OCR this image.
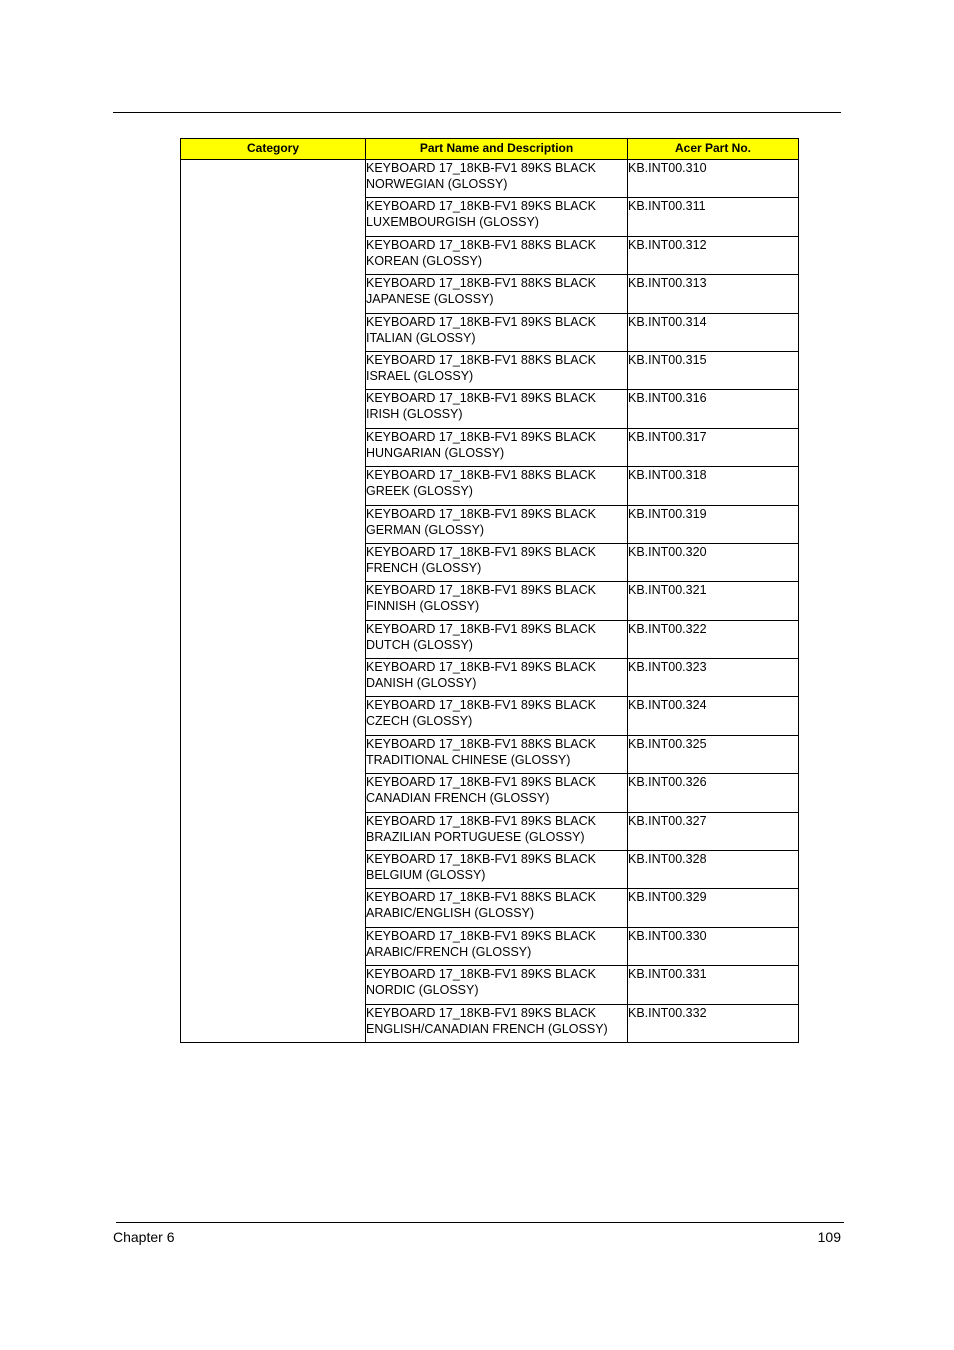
Category	Part Name and Description	Acer Part No.

	KEYBOARD 17_18KB-FV1 89KS BLACK
NORWEGIAN (GLOSSY)	KB.INT00.310

	KEYBOARD 17_18KB-FV1 89KS BLACK
LUXEMBOURGISH (GLOSSY)	KB.INT00.311

	KEYBOARD 17_18KB-FV1 88KS BLACK
KOREAN (GLOSSY)	KB.INT00.312

	KEYBOARD 17_18KB-FV1 88KS BLACK
JAPANESE (GLOSSY)	KB.INT00.313

	KEYBOARD 17_18KB-FV1 89KS BLACK
ITALIAN (GLOSSY)	KB.INT00.314

	KEYBOARD 17_18KB-FV1 88KS BLACK
ISRAEL (GLOSSY)	KB.INT00.315

	KEYBOARD 17_18KB-FV1 89KS BLACK
IRISH (GLOSSY)	KB.INT00.316

	KEYBOARD 17_18KB-FV1 89KS BLACK
HUNGARIAN (GLOSSY)	KB.INT00.317

	KEYBOARD 17_18KB-FV1 88KS BLACK
GREEK (GLOSSY)	KB.INT00.318

	KEYBOARD 17_18KB-FV1 89KS BLACK
GERMAN (GLOSSY)	KB.INT00.319

	KEYBOARD 17_18KB-FV1 89KS BLACK
FRENCH (GLOSSY)	KB.INT00.320

	KEYBOARD 17_18KB-FV1 89KS BLACK
FINNISH (GLOSSY)	KB.INT00.321

	KEYBOARD 17_18KB-FV1 89KS BLACK
DUTCH (GLOSSY)	KB.INT00.322

	KEYBOARD 17_18KB-FV1 89KS BLACK
DANISH (GLOSSY)	KB.INT00.323

	KEYBOARD 17_18KB-FV1 89KS BLACK
CZECH (GLOSSY)	KB.INT00.324

	KEYBOARD 17_18KB-FV1 88KS BLACK
TRADITIONAL CHINESE (GLOSSY)	KB.INT00.325

	KEYBOARD 17_18KB-FV1 89KS BLACK
CANADIAN FRENCH (GLOSSY)	KB.INT00.326

	KEYBOARD 17_18KB-FV1 89KS BLACK
BRAZILIAN PORTUGUESE (GLOSSY)	KB.INT00.327

	KEYBOARD 17_18KB-FV1 89KS BLACK
BELGIUM (GLOSSY)	KB.INT00.328

	KEYBOARD 17_18KB-FV1 88KS BLACK
ARABIC/ENGLISH (GLOSSY)	KB.INT00.329

	KEYBOARD 17_18KB-FV1 89KS BLACK
ARABIC/FRENCH (GLOSSY)	KB.INT00.330

	KEYBOARD 17_18KB-FV1 89KS BLACK
NORDIC (GLOSSY)	KB.INT00.331

	KEYBOARD 17_18KB-FV1 89KS BLACK
ENGLISH/CANADIAN FRENCH (GLOSSY)	KB.INT00.332
Chapter 6	109
